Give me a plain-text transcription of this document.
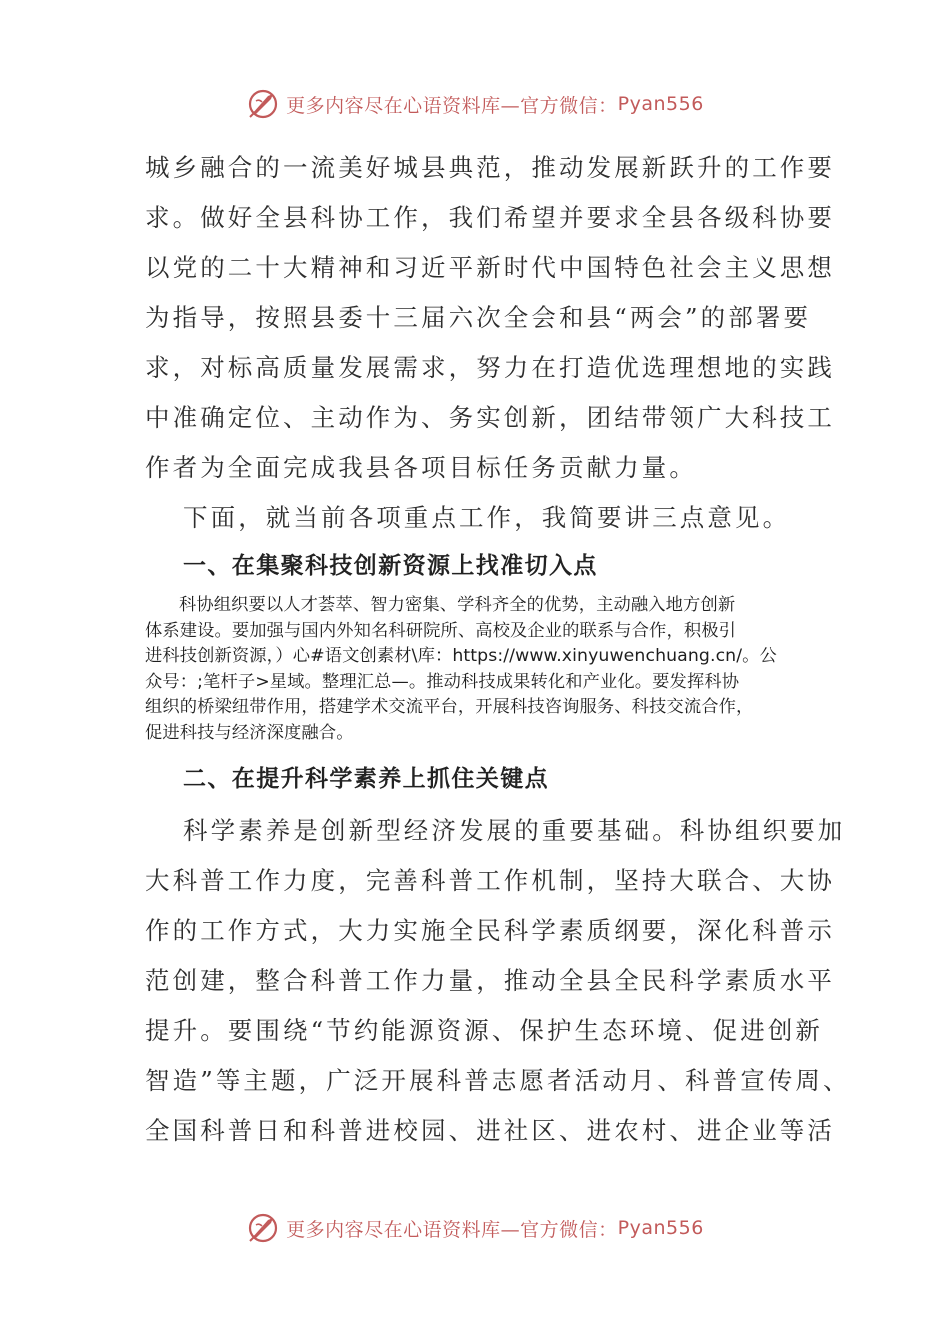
更多内容尽在心语资料库—官方微信： Pyan556

城乡融合的一流美好城县典范，推动发展新跃升的工作要

求。做好全县科协工作，我们希望并要求全县各级科协要

以党的二十大精神和习近平新时代中国特色社会主义思想

为指导，按照县委十三届六次全会和县“两会”的部署要

求，对标高质量发展需求，努力在打造优选理想地的实践

中准确定位、主动作为、务实创新，团结带领广大科技工

作者为全面完成我县各项目标任务贡献力量。

下面，就当前各项重点工作，我简要讲三点意见。

一、在集聚科技创新资源上找准切入点

科协组织要以人才荟萃、智力密集、学科齐全的优势，主动融入地方创新

体系建设。要加强与国内外知名科研院所、高校及企业的联系与合作，积极引

进科技创新资源，）心#语文创素材\库：https://www.xinyuwenchuang.cn/。公

众号：;笔杆子>星域。整理汇总—。推动科技成果转化和产业化。要发挥科协

组织的桥梁纽带作用，搭建学术交流平台，开展科技咨询服务、科技交流合作，

促进科技与经济深度融合。

二、在提升科学素养上抓住关键点

科学素养是创新型经济发展的重要基础。科协组织要加

大科普工作力度，完善科普工作机制，坚持大联合、大协

作的工作方式，大力实施全民科学素质纲要，深化科普示

范创建，整合科普工作力量，推动全县全民科学素质水平

提升。要围绕“节约能源资源、保护生态环境、促进创新

智造”等主题，广泛开展科普志愿者活动月、科普宣传周、

全国科普日和科普进校园、进社区、进农村、进企业等活

更多内容尽在心语资料库—官方微信： Pyan556
